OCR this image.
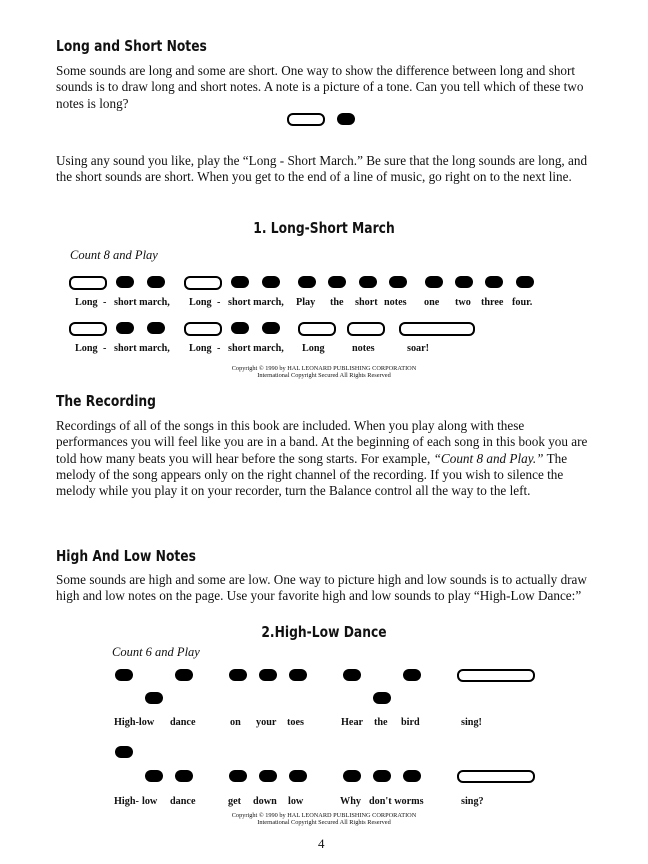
Long and Short Notes
Some sounds are long and some are short. One way to show the difference between long and short sounds is to draw long and short notes. A note is a picture of a tone. Can you tell which of these two notes is long?
Using any sound you like, play the “Long - Short March.” Be sure that the long sounds are long, and the short sounds are short. When you get to the end of a line of music, go right on to the next line.
1. Long-Short March
Count 8 and Play
Long - short march, Long - short march, Play the short notes one two three four.
Long - short march, Long - short march, Long	notes	soar!
Copyright © 1990 by HAL LEONARD PUBLISHING CORPORATION
International Copyright Secured All Rights Reserved
The Recording
Recordings of all of the songs in this book are included. When you play along with these performances you will feel like you are in a band. At the beginning of each song in this book you are told how many beats you will hear before the song starts. For example, “Count 8 and Play.” The melody of the song appears only on the right channel of the recording. If you wish to silence the melody while you play it on your recorder, turn the Balance control all the way to the left.
High And Low Notes
Some sounds are high and some are low. One way to picture high and low sounds is to actually draw high and low notes on the page. Use your favorite high and low sounds to play “High-Low Dance:”
2.High-Low Dance
Count 6 and Play
High-low dance	on your toes	Hear the bird	sing!
High- low dance	get down low	Why don't worms	sing?
Copyright © 1990 by HAL LEONARD PUBLISHING CORPORATION
International Copyright Secured All Rights Reserved
4
